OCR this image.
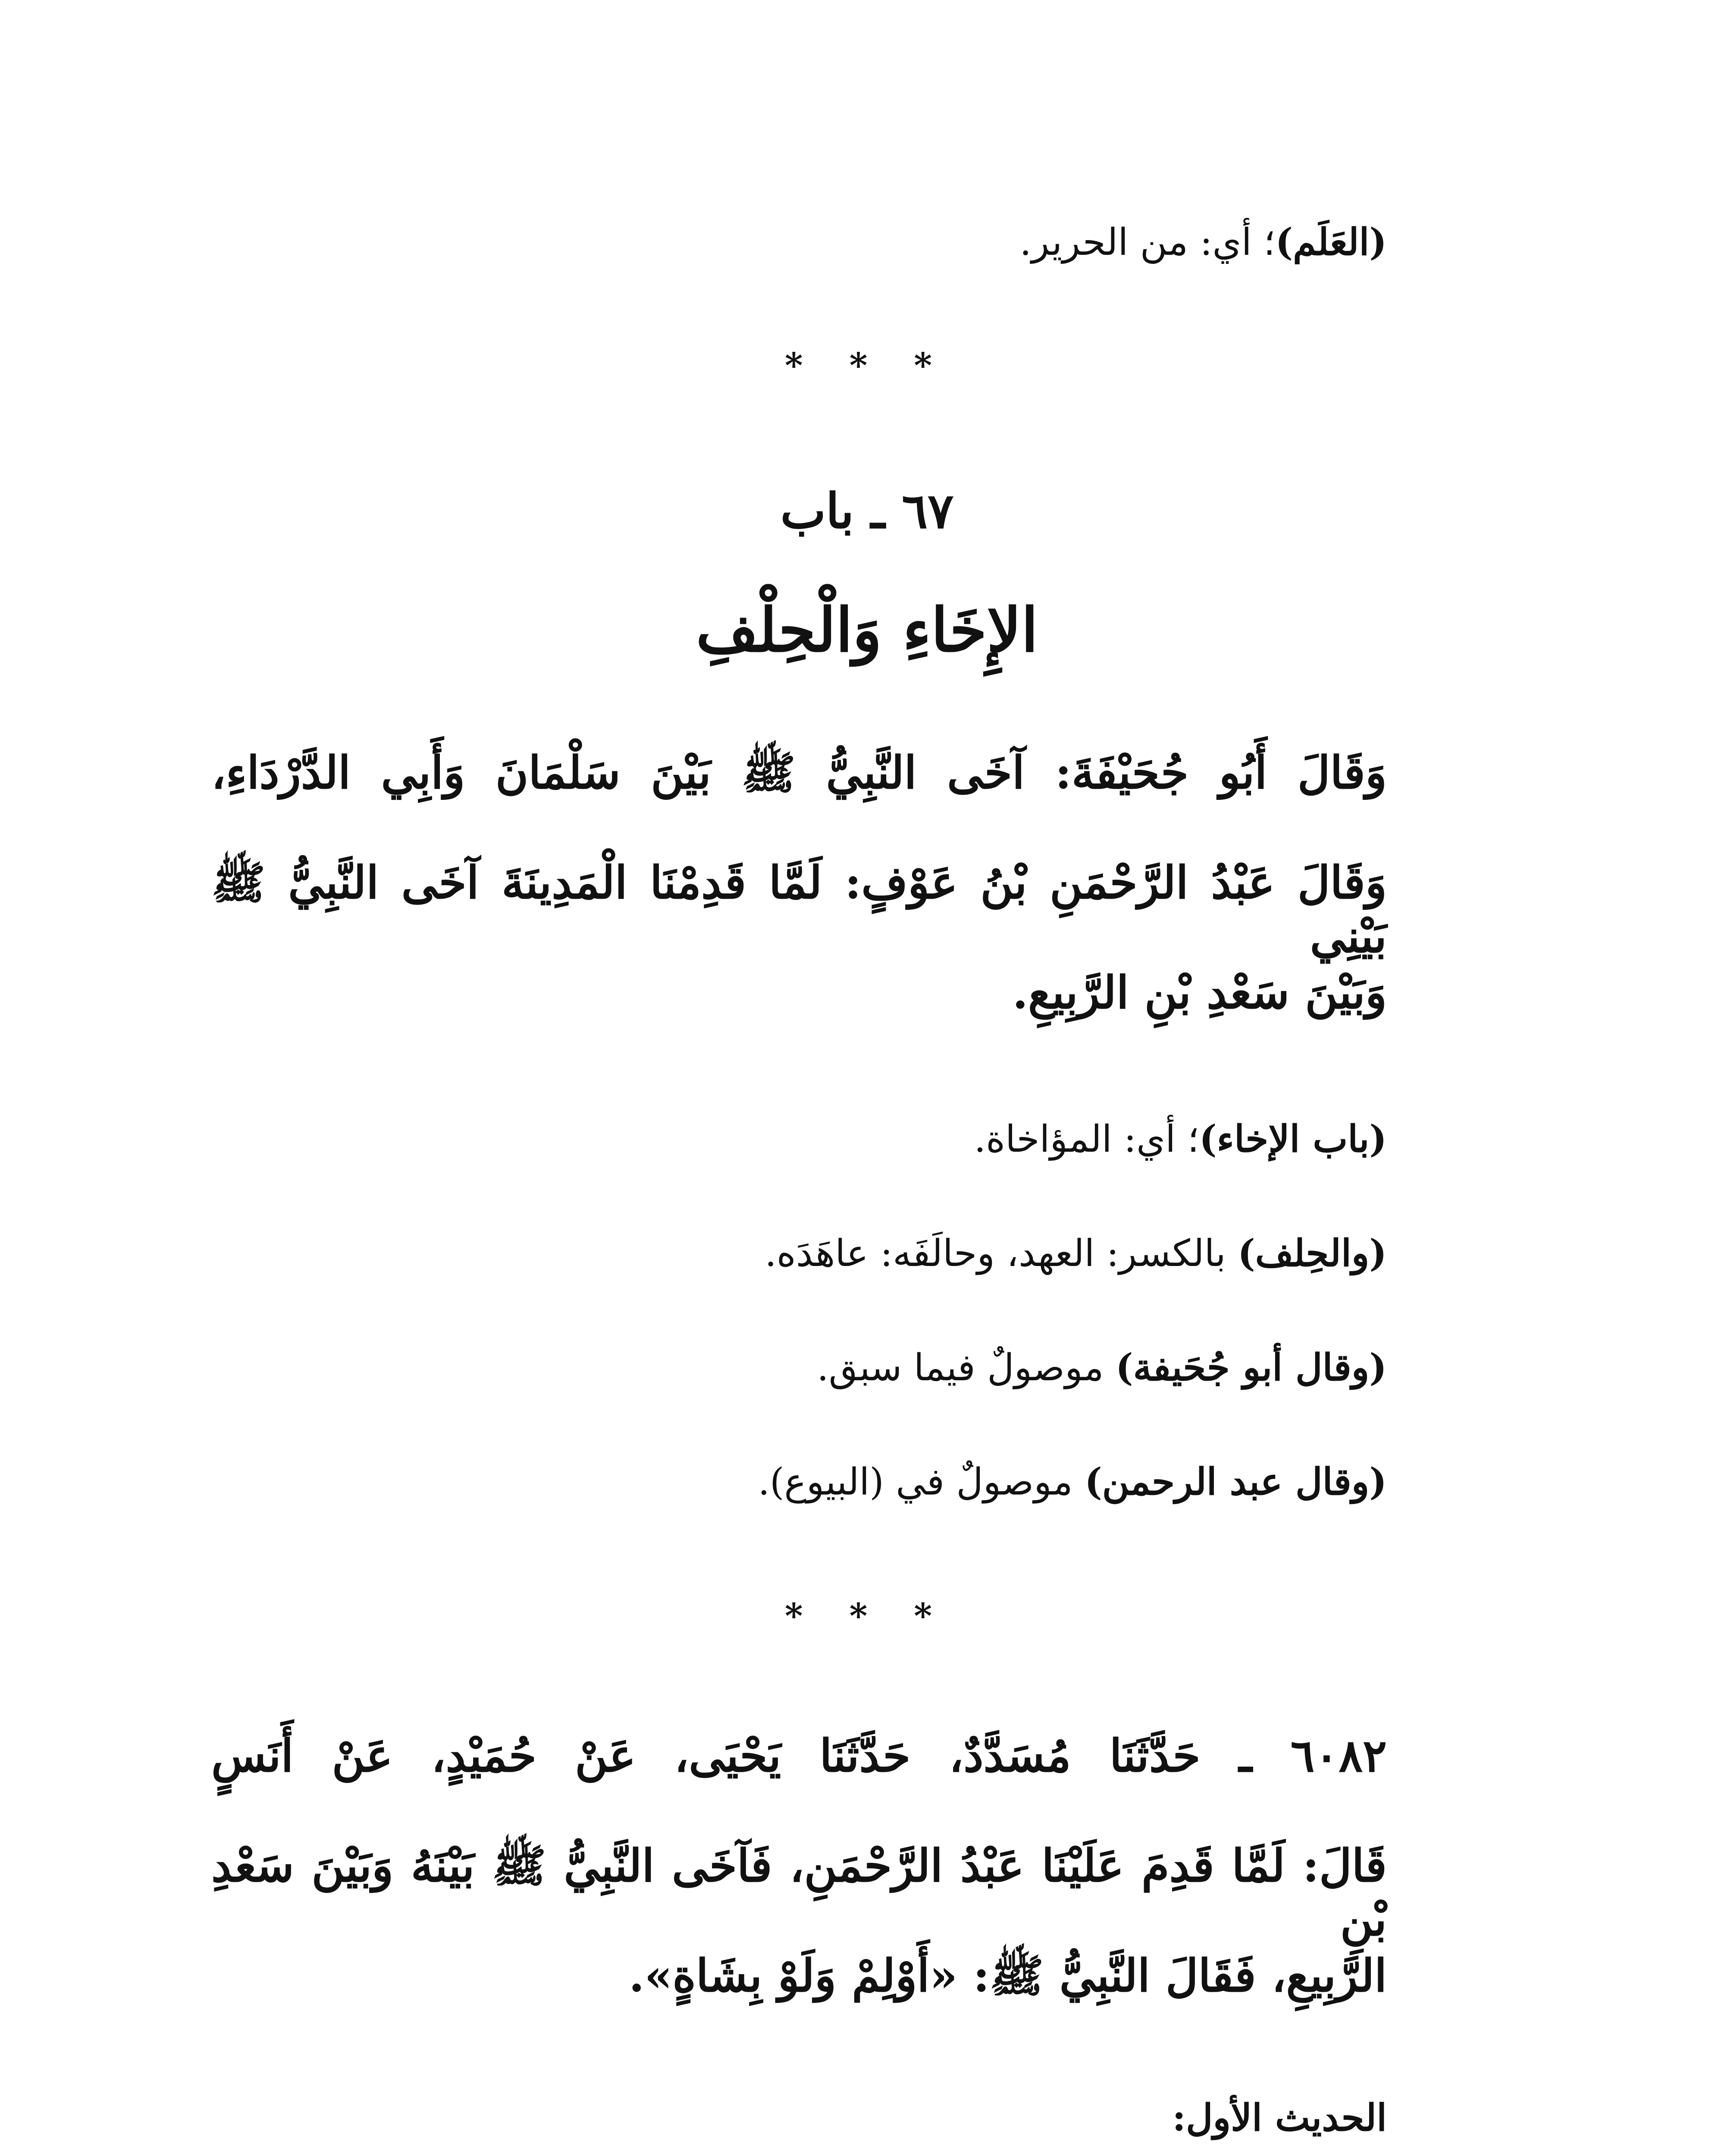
(العَلَم)؛ أي: من الحرير.
* * *
٦٧ ـ باب
الإِخَاءِ وَالْحِلْفِ
وَقَالَ أَبُو جُحَيْفَةَ: آخَى النَّبِيُّ ﷺ بَيْنَ سَلْمَانَ وَأَبِي الدَّرْدَاءِ،
وَقَالَ عَبْدُ الرَّحْمَنِ بْنُ عَوْفٍ: لَمَّا قَدِمْنَا الْمَدِينَةَ آخَى النَّبِيُّ ﷺ بَيْنِي
وَبَيْنَ سَعْدِ بْنِ الرَّبِيعِ.
(باب الإخاء)؛ أي: المؤاخاة.
(والحِلف) بالكسر: العهد، وحالَفَه: عاهَدَه.
(وقال أبو جُحَيفة) موصولٌ فيما سبق.
(وقال عبد الرحمن) موصولٌ في (البيوع).
* * *
٦٠٨٢ ـ حَدَّثَنَا مُسَدَّدٌ، حَدَّثَنَا يَحْيَى، عَنْ حُمَيْدٍ، عَنْ أَنَسٍ
قَالَ: لَمَّا قَدِمَ عَلَيْنَا عَبْدُ الرَّحْمَنِ، فَآخَى النَّبِيُّ ﷺ بَيْنَهُ وَبَيْنَ سَعْدِ بْنِ
الرَّبِيعِ، فَقَالَ النَّبِيُّ ﷺ: «أَوْلِمْ وَلَوْ بِشَاةٍ».
الحديث الأول:
